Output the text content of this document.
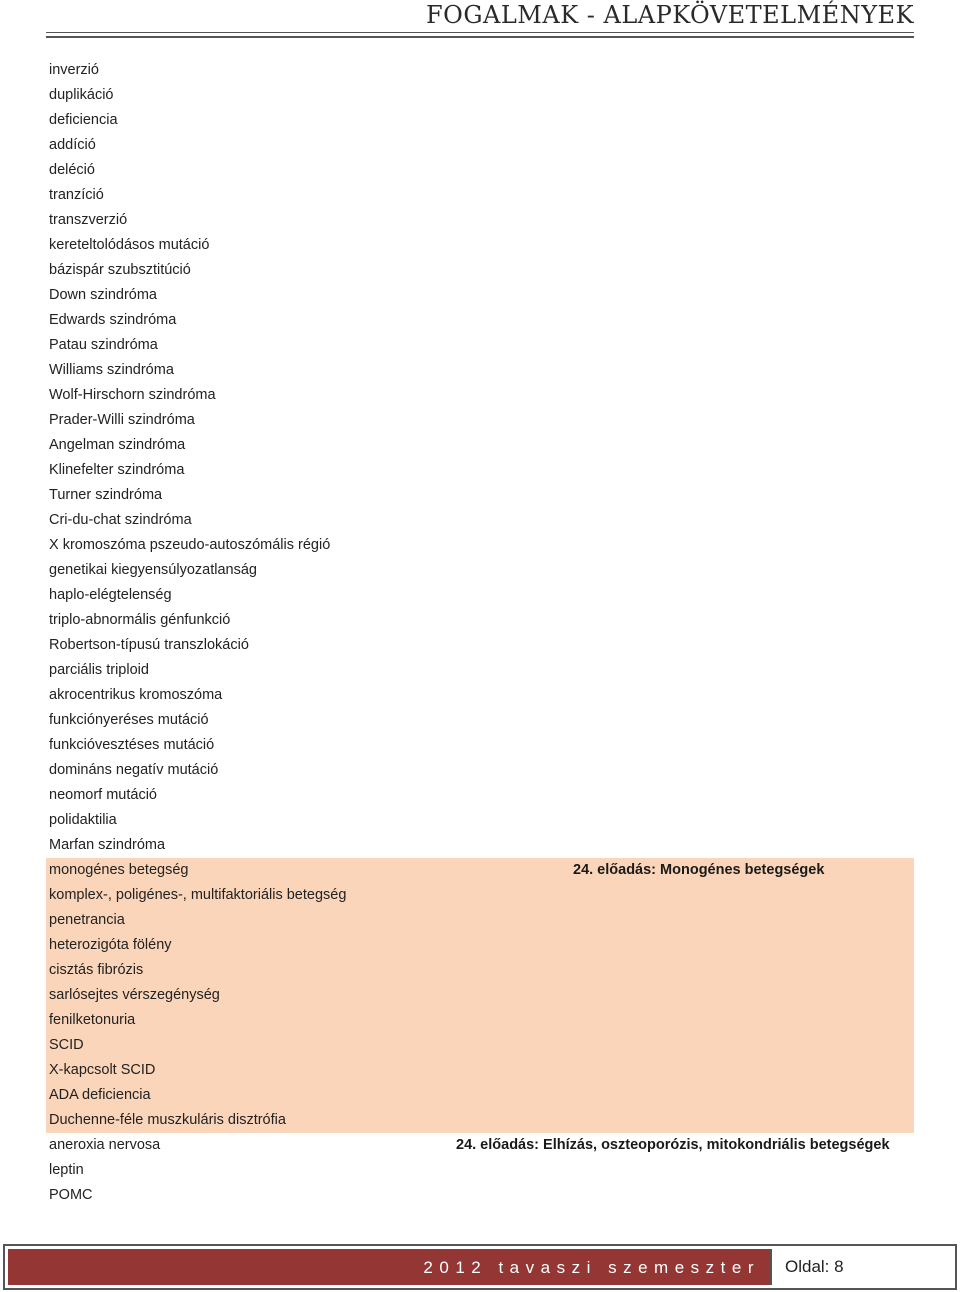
FOGALMAK - ALAPKÖVETELMÉNYEK
inverzió
duplikáció
deficiencia
addíció
deléció
tranzíció
transzverzió
kereteltolódásos mutáció
bázispár szubsztitúció
Down szindróma
Edwards szindróma
Patau szindróma
Williams szindróma
Wolf-Hirschorn szindróma
Prader-Willi szindróma
Angelman szindróma
Klinefelter szindróma
Turner szindróma
Cri-du-chat szindróma
X kromoszóma pszeudo-autoszómális régió
genetikai kiegyensúlyozatlanság
haplo-elégtelenség
triplo-abnormális génfunkció
Robertson-típusú transzlokáció
parciális triploid
akrocentrikus kromoszóma
funkciónyeréses mutáció
funkcióvesztéses mutáció
domináns negatív mutáció
neomorf mutáció
polidaktilia
Marfan szindróma
monogénes betegség	24. előadás: Monogénes betegségek
komplex-, poligénes-, multifaktoriális betegség
penetrancia
heterozigóta fölény
cisztás fibrózis
sarlósejtes vérszegénység
fenilketonuria
SCID
X-kapcsolt SCID
ADA deficiencia
Duchenne-féle muszkuláris disztrófia
aneroxia nervosa	24. előadás: Elhízás, oszteoporózis, mitokondriális betegségek
leptin
POMC
2012 tavaszi szemeszter	Oldal: 8
